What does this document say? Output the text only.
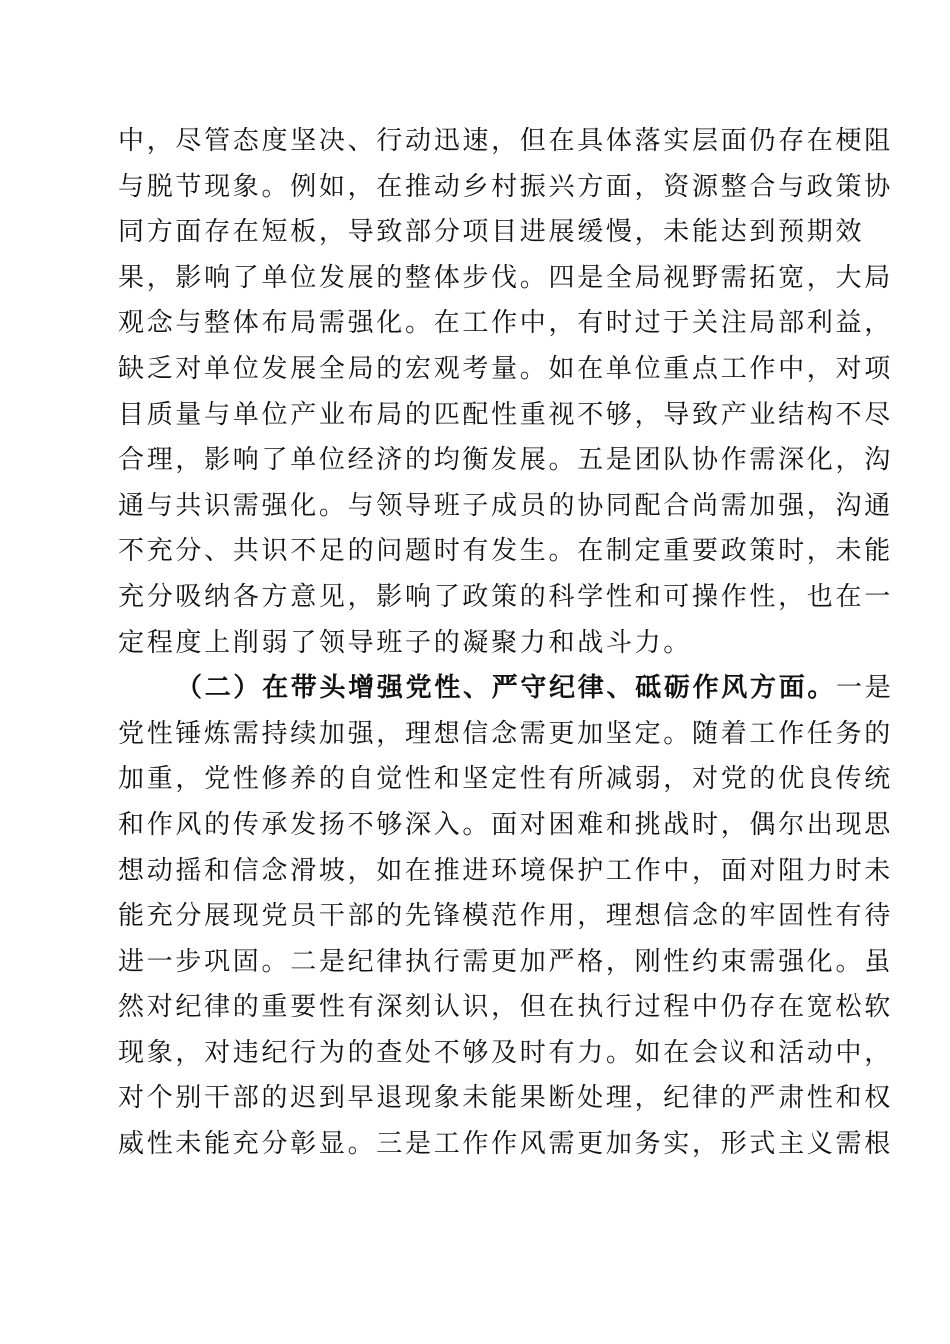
中，尽管态度坚决、行动迅速，但在具体落实层面仍存在梗阻
与脱节现象。例如，在推动乡村振兴方面，资源整合与政策协
同方面存在短板，导致部分项目进展缓慢，未能达到预期效
果，影响了单位发展的整体步伐。四是全局视野需拓宽，大局
观念与整体布局需强化。在工作中，有时过于关注局部利益，
缺乏对单位发展全局的宏观考量。如在单位重点工作中，对项
目质量与单位产业布局的匹配性重视不够，导致产业结构不尽
合理，影响了单位经济的均衡发展。五是团队协作需深化，沟
通与共识需强化。与领导班子成员的协同配合尚需加强，沟通
不充分、共识不足的问题时有发生。在制定重要政策时，未能
充分吸纳各方意见，影响了政策的科学性和可操作性，也在一
定程度上削弱了领导班子的凝聚力和战斗力。
（二）在带头增强党性、严守纪律、砥砺作风方面。一是
党性锤炼需持续加强，理想信念需更加坚定。随着工作任务的
加重，党性修养的自觉性和坚定性有所减弱，对党的优良传统
和作风的传承发扬不够深入。面对困难和挑战时，偶尔出现思
想动摇和信念滑坡，如在推进环境保护工作中，面对阻力时未
能充分展现党员干部的先锋模范作用，理想信念的牢固性有待
进一步巩固。二是纪律执行需更加严格，刚性约束需强化。虽
然对纪律的重要性有深刻认识，但在执行过程中仍存在宽松软
现象，对违纪行为的查处不够及时有力。如在会议和活动中，
对个别干部的迟到早退现象未能果断处理，纪律的严肃性和权
威性未能充分彰显。三是工作作风需更加务实，形式主义需根
